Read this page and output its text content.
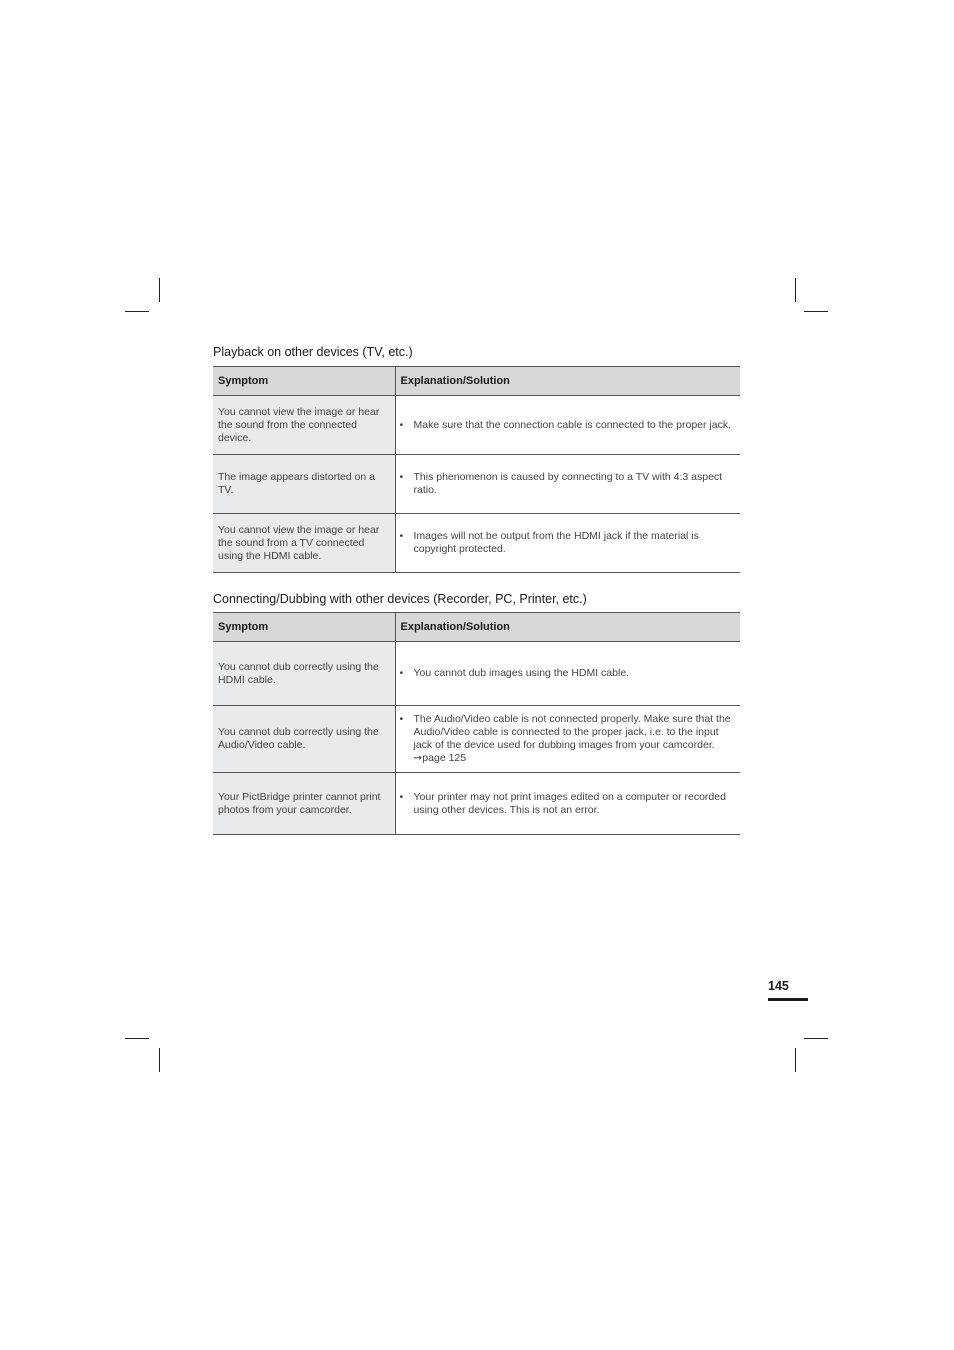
Playback on other devices (TV, etc.)
Symptom	Explanation/Solution
You cannot view the image or hear the sound from the connected device.	• Make sure that the connection cable is connected to the proper jack.

The image appears distorted on a TV.	• This phenomenon is caused by connecting to a TV with 4:3 aspect ratio.

You cannot view the image or hear the sound from a TV connected using the HDMI cable.	• Images will not be output from the HDMI jack if the material is copyright protected.
Connecting/Dubbing with other devices (Recorder, PC, Printer, etc.)
Symptom	Explanation/Solution
You cannot dub correctly using the HDMI cable.	• You cannot dub images using the HDMI cable.

You cannot dub correctly using the Audio/Video cable.	• The Audio/Video cable is not connected properly. Make sure that the Audio/Video cable is connected to the proper jack, i.e. to the input jack of the device used for dubbing images from your camcorder. ➙page 125

Your PictBridge printer cannot print photos from your camcorder.	• Your printer may not print images edited on a computer or recorded using other devices. This is not an error.
145
